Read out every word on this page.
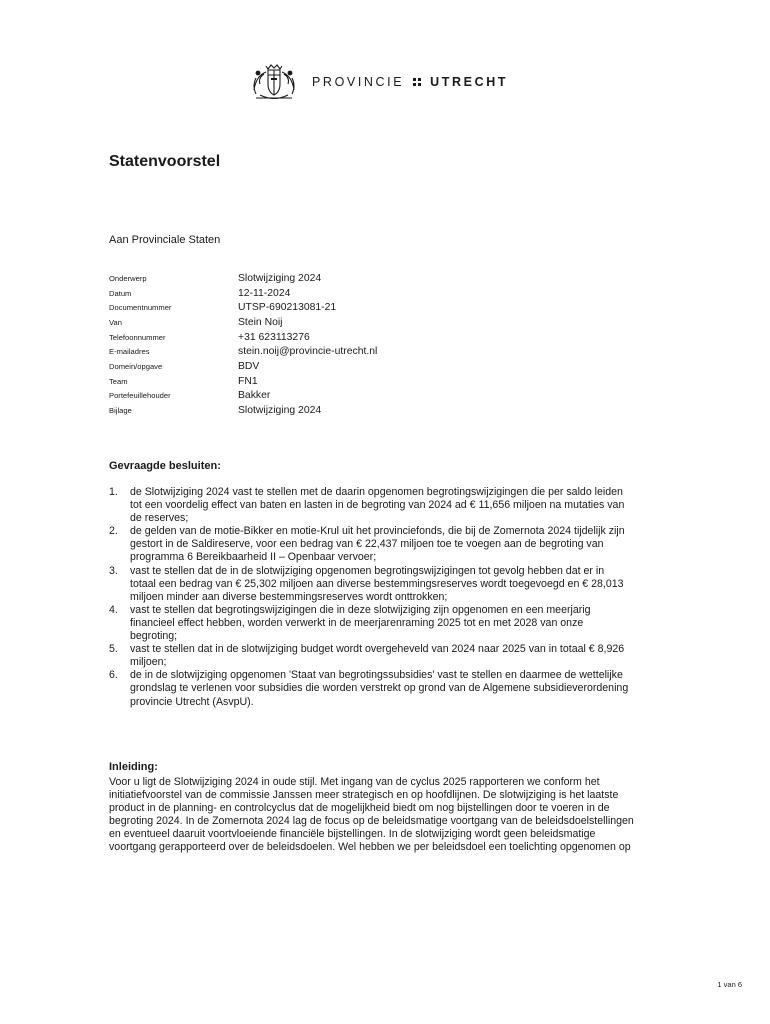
PROVINCIE UTRECHT
Statenvoorstel
Aan Provinciale Staten
Onderwerp	Slotwijziging 2024
Datum	12-11-2024
Documentnummer	UTSP-690213081-21
Van	Stein Noij
Telefoonnummer	+31 623113276
E-mailadres	stein.noij@provincie-utrecht.nl
Domein/opgave	BDV
Team	FN1
Portefeuillehouder	Bakker
Bijlage	Slotwijziging 2024
Gevraagde besluiten:
1.	de Slotwijziging 2024 vast te stellen met de daarin opgenomen begrotingswijzigingen die per saldo leiden
tot een voordelig effect van baten en lasten in de begroting van 2024 ad € 11,656 miljoen na mutaties van
de reserves;
2.	de gelden van de motie-Bikker en motie-Krul uit het provinciefonds, die bij de Zomernota 2024 tijdelijk zijn
gestort in de Saldireserve, voor een bedrag van € 22,437 miljoen toe te voegen aan de begroting van
programma 6 Bereikbaarheid II – Openbaar vervoer;
3.	vast te stellen dat de in de slotwijziging opgenomen begrotingswijzigingen tot gevolg hebben dat er in
totaal een bedrag van € 25,302 miljoen aan diverse bestemmingsreserves wordt toegevoegd en € 28,013
miljoen minder aan diverse bestemmingsreserves wordt onttrokken;
4.	vast te stellen dat begrotingswijzigingen die in deze slotwijziging zijn opgenomen en een meerjarig
financieel effect hebben, worden verwerkt in de meerjarenraming 2025 tot en met 2028 van onze
begroting;
5.	vast te stellen dat in de slotwijziging budget wordt overgeheveld van 2024 naar 2025 van in totaal € 8,926
miljoen;
6.	de in de slotwijziging opgenomen 'Staat van begrotingssubsidies' vast te stellen en daarmee de wettelijke
grondslag te verlenen voor subsidies die worden verstrekt op grond van de Algemene subsidieverordening
provincie Utrecht (AsvpU).
Inleiding:
Voor u ligt de Slotwijziging 2024 in oude stijl. Met ingang van de cyclus 2025 rapporteren we conform het
initiatiefvoorstel van de commissie Janssen meer strategisch en op hoofdlijnen. De slotwijziging is het laatste
product in de planning- en controlcyclus dat de mogelijkheid biedt om nog bijstellingen door te voeren in de
begroting 2024. In de Zomernota 2024 lag de focus op de beleidsmatige voortgang van de beleidsdoelstellingen
en eventueel daaruit voortvloeiende financiële bijstellingen. In de slotwijziging wordt geen beleidsmatige
voortgang gerapporteerd over de beleidsdoelen. Wel hebben we per beleidsdoel een toelichting opgenomen op
1 van 6
